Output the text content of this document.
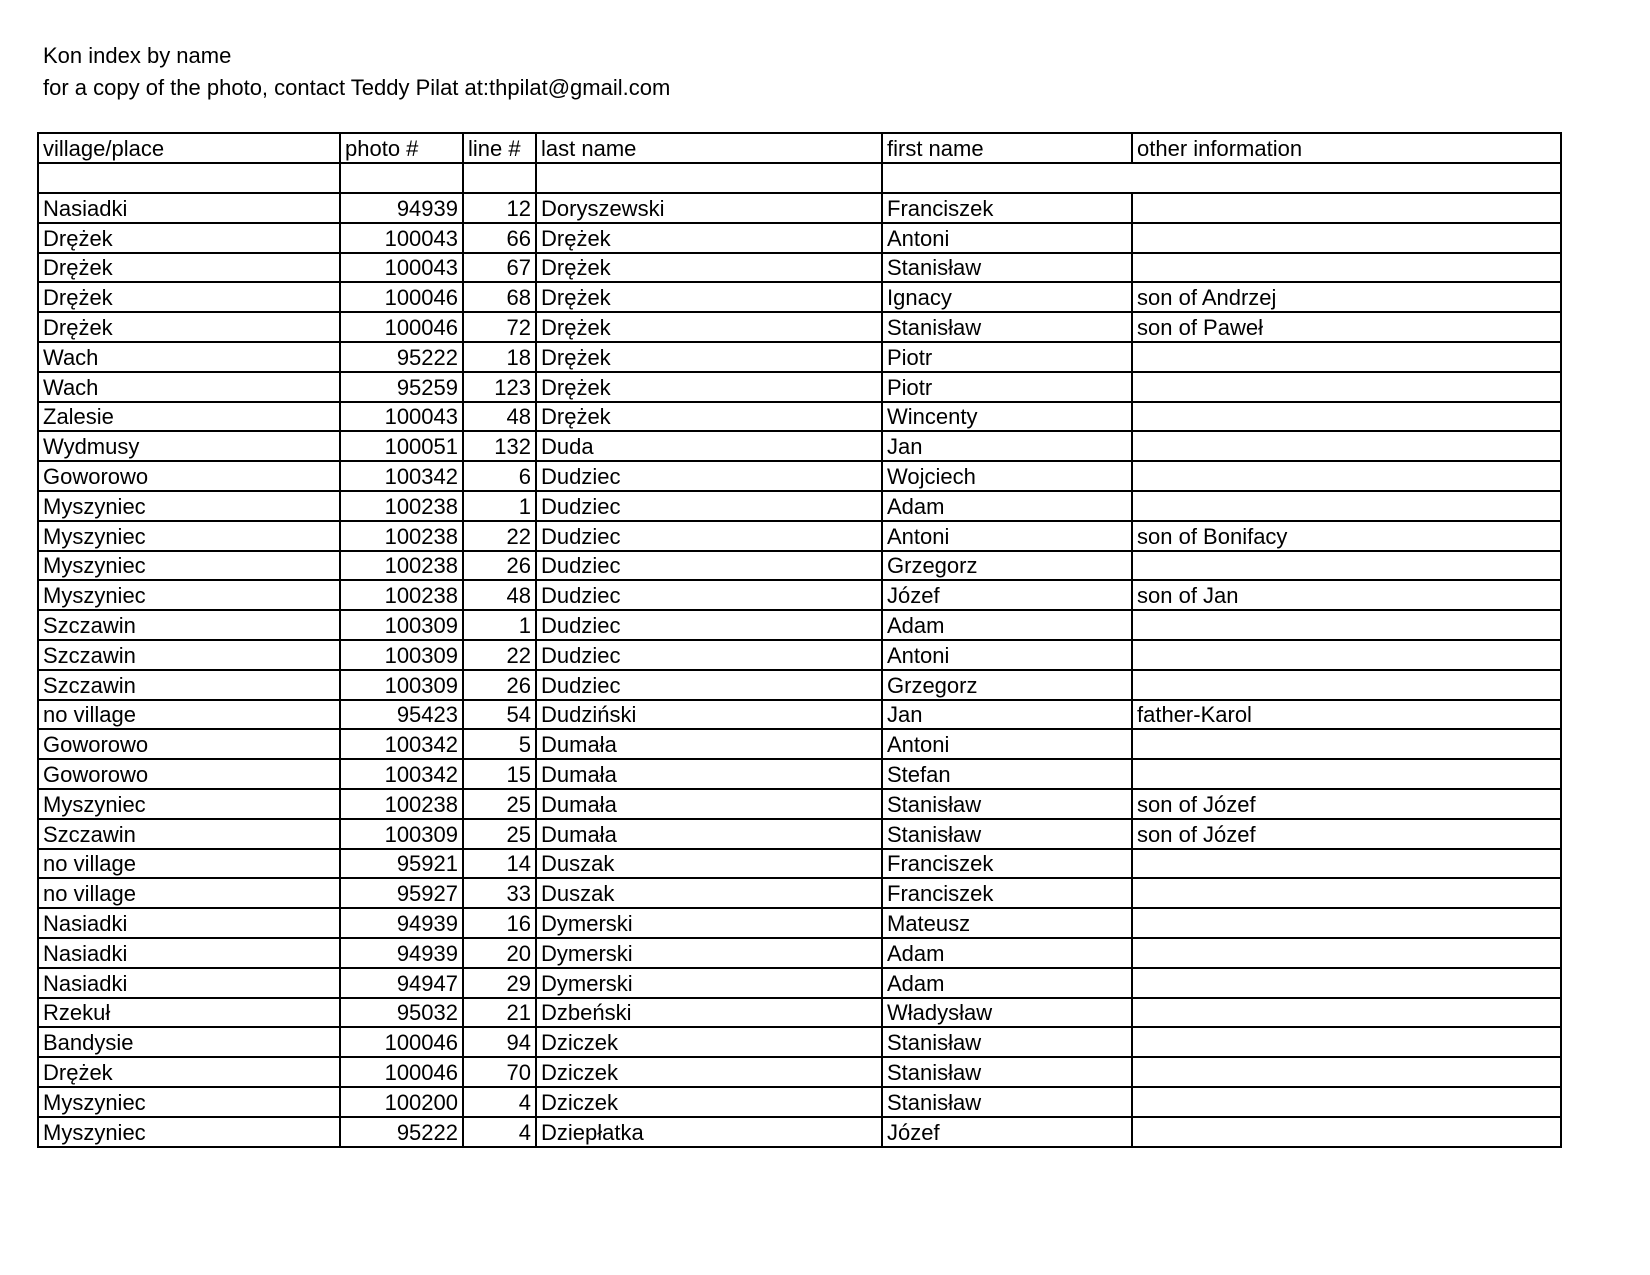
Kon index by name
for a copy of the photo, contact Teddy Pilat at:thpilat@gmail.com
village/place	photo #	line #	last name	first name	other information

Nasiadki	94939	12	Doryszewski	Franciszek	
Drężek	100043	66	Drężek	Antoni	
Drężek	100043	67	Drężek	Stanisław	
Drężek	100046	68	Drężek	Ignacy	son of Andrzej
Drężek	100046	72	Drężek	Stanisław	son of Paweł
Wach	95222	18	Drężek	Piotr	
Wach	95259	123	Drężek	Piotr	
Zalesie	100043	48	Drężek	Wincenty	
Wydmusy	100051	132	Duda	Jan	
Goworowo	100342	6	Dudziec	Wojciech	
Myszyniec	100238	1	Dudziec	Adam	
Myszyniec	100238	22	Dudziec	Antoni	son of Bonifacy
Myszyniec	100238	26	Dudziec	Grzegorz	
Myszyniec	100238	48	Dudziec	Józef	son of Jan
Szczawin	100309	1	Dudziec	Adam	
Szczawin	100309	22	Dudziec	Antoni	
Szczawin	100309	26	Dudziec	Grzegorz	
no village	95423	54	Dudziński	Jan	father-Karol
Goworowo	100342	5	Dumała	Antoni	
Goworowo	100342	15	Dumała	Stefan	
Myszyniec	100238	25	Dumała	Stanisław	son of Józef
Szczawin	100309	25	Dumała	Stanisław	son of Józef
no village	95921	14	Duszak	Franciszek	
no village	95927	33	Duszak	Franciszek	
Nasiadki	94939	16	Dymerski	Mateusz	
Nasiadki	94939	20	Dymerski	Adam	
Nasiadki	94947	29	Dymerski	Adam	
Rzekuł	95032	21	Dzbeński	Władysław	
Bandysie	100046	94	Dziczek	Stanisław	
Drężek	100046	70	Dziczek	Stanisław	
Myszyniec	100200	4	Dziczek	Stanisław	
Myszyniec	95222	4	Dziepłatka	Józef	
